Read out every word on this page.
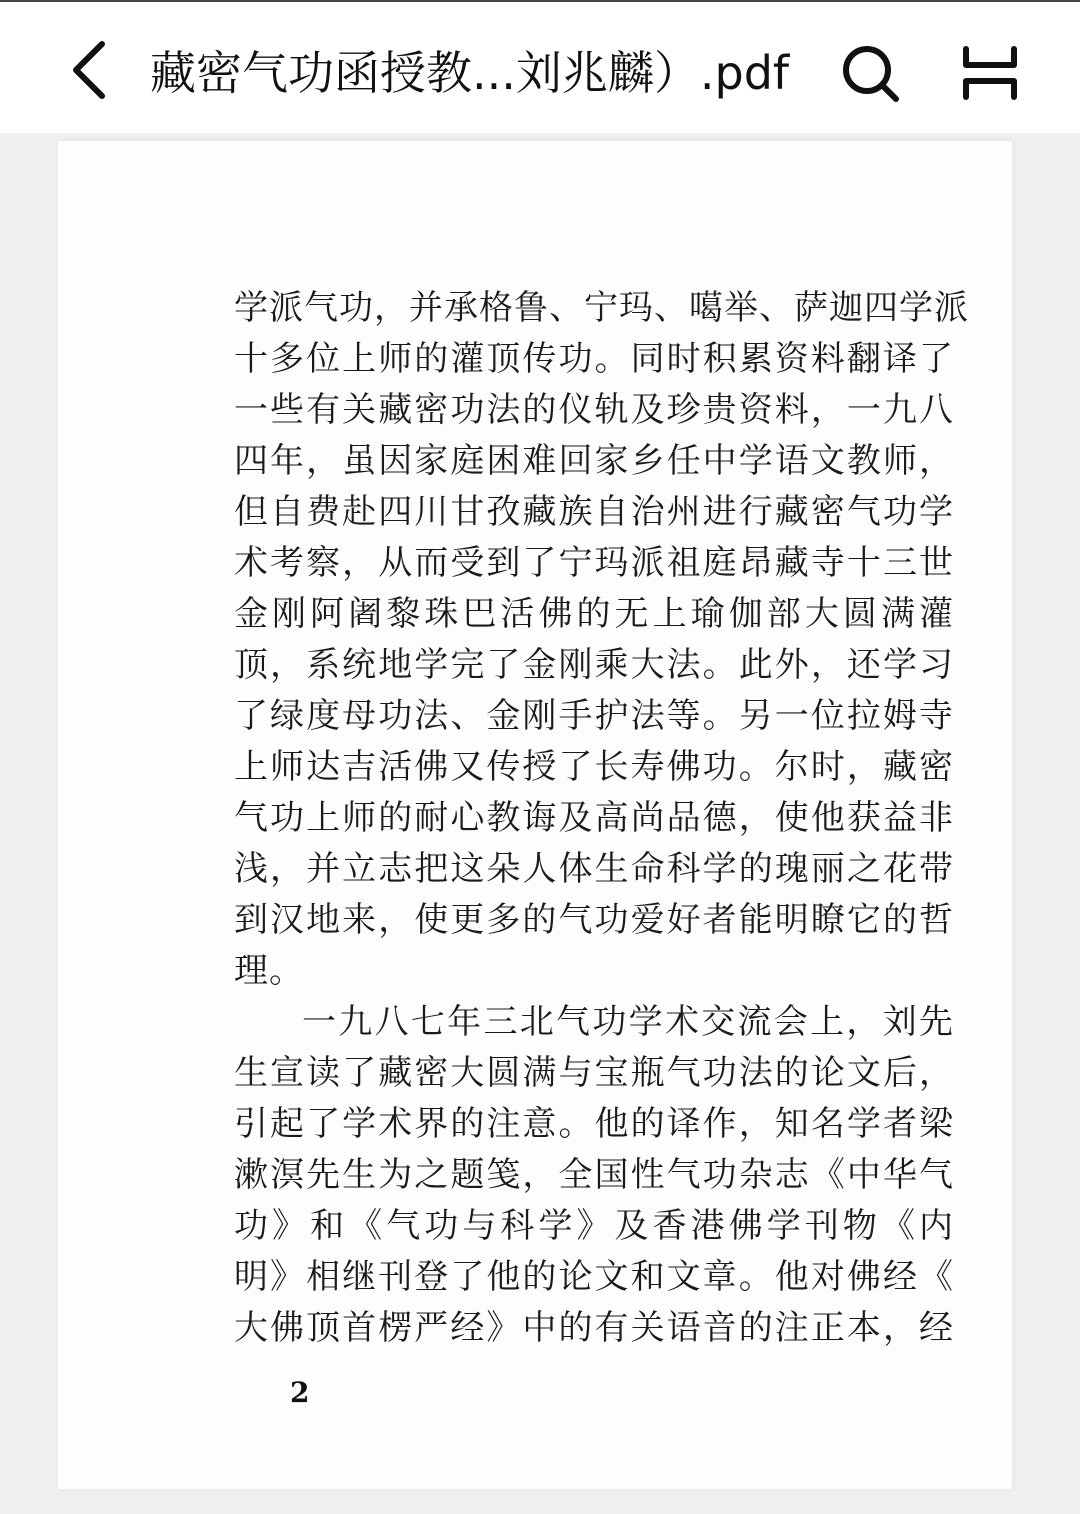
藏密气功函授教...刘兆麟）.pdf
学派气功，并承格鲁、宁玛、噶举、萨迦四学派
十多位上师的灌顶传功。同时积累资料翻译了
一些有关藏密功法的仪轨及珍贵资料，一九八
四年，虽因家庭困难回家乡任中学语文教师，
但自费赴四川甘孜藏族自治州进行藏密气功学
术考察，从而受到了宁玛派祖庭昂藏寺十三世
金刚阿阇黎珠巴活佛的无上瑜伽部大圆满灌
顶，系统地学完了金刚乘大法。此外，还学习
了绿度母功法、金刚手护法等。另一位拉姆寺
上师达吉活佛又传授了长寿佛功。尔时，藏密
气功上师的耐心教诲及高尚品德，使他获益非
浅，并立志把这朵人体生命科学的瑰丽之花带
到汉地来，使更多的气功爱好者能明瞭它的哲
理。
一九八七年三北气功学术交流会上，刘先
生宣读了藏密大圆满与宝瓶气功法的论文后，
引起了学术界的注意。他的译作，知名学者梁
漱溟先生为之题笺，全国性气功杂志《中华气
功》和《气功与科学》及香港佛学刊物《内
明》相继刊登了他的论文和文章。他对佛经《
大佛顶首楞严经》中的有关语音的注正本，经
2
